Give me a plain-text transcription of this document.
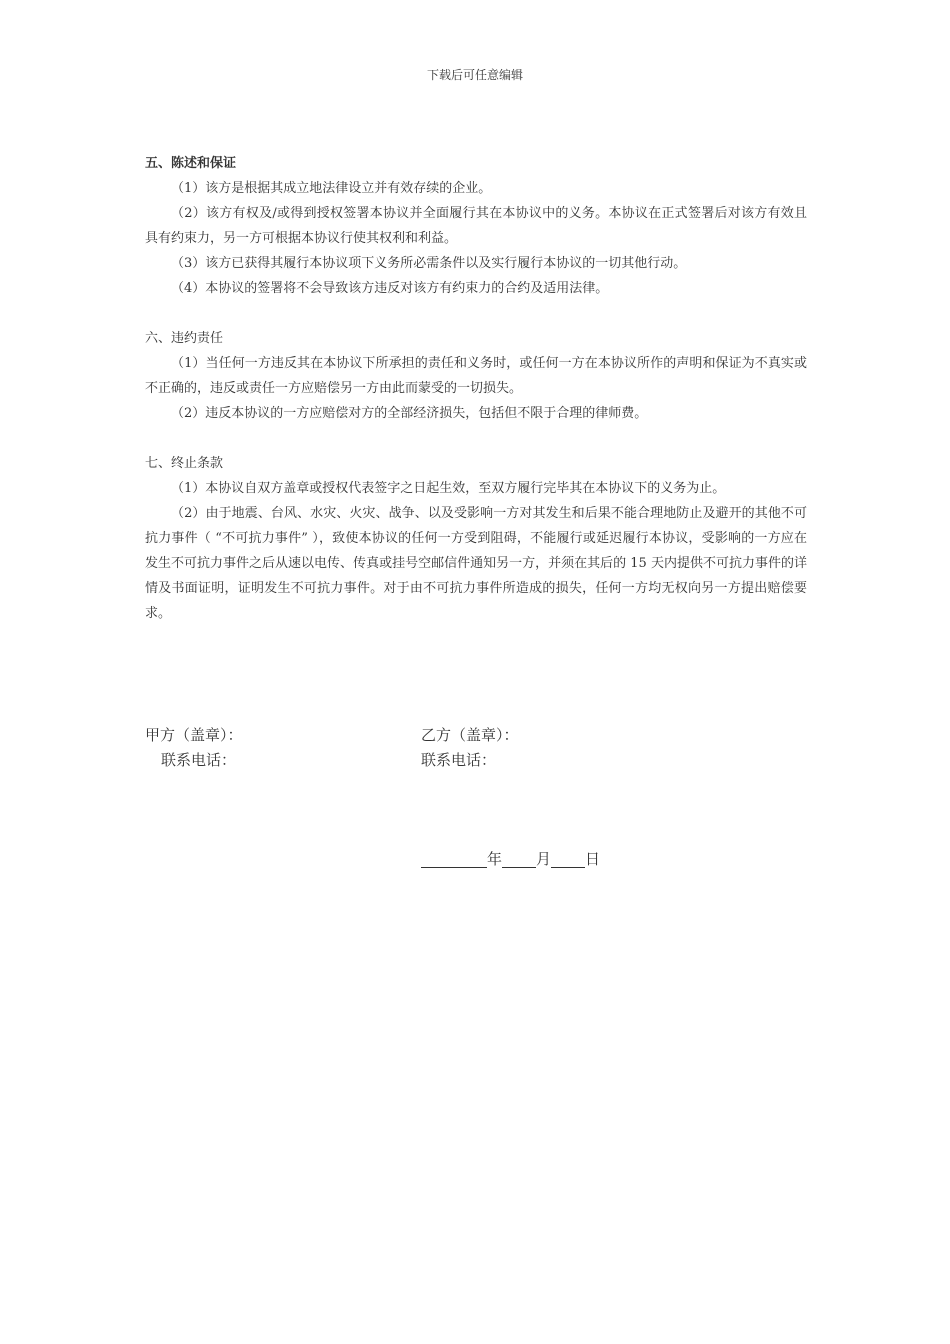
下载后可任意编辑

五、陈述和保证

（1）该方是根据其成立地法律设立并有效存续的企业。

（2）该方有权及/或得到授权签署本协议并全面履行其在本协议中的义务。本协议在正式签署后对该方有效且具有约束力，另一方可根据本协议行使其权利和利益。

（3）该方已获得其履行本协议项下义务所必需条件以及实行履行本协议的一切其他行动。

（4）本协议的签署将不会导致该方违反对该方有约束力的合约及适用法律。

六、违约责任

（1）当任何一方违反其在本协议下所承担的责任和义务时，或任何一方在本协议所作的声明和保证为不真实或不正确的，违反或责任一方应赔偿另一方由此而蒙受的一切损失。

（2）违反本协议的一方应赔偿对方的全部经济损失，包括但不限于合理的律师费。

七、终止条款

（1）本协议自双方盖章或授权代表签字之日起生效，至双方履行完毕其在本协议下的义务为止。

（2）由于地震、台风、水灾、火灾、战争、以及受影响一方对其发生和后果不能合理地防止及避开的其他不可抗力事件（ “不可抗力事件” ），致使本协议的任何一方受到阻碍，不能履行或延迟履行本协议，受影响的一方应在发生不可抗力事件之后从速以电传、传真或挂号空邮信件通知另一方，并须在其后的 15 天内提供不可抗力事件的详情及书面证明，证明发生不可抗力事件。对于由不可抗力事件所造成的损失，任何一方均无权向另一方提出赔偿要求。

甲方（盖章）：
联系电话：
乙方（盖章）：
联系电话：
年 月 日
